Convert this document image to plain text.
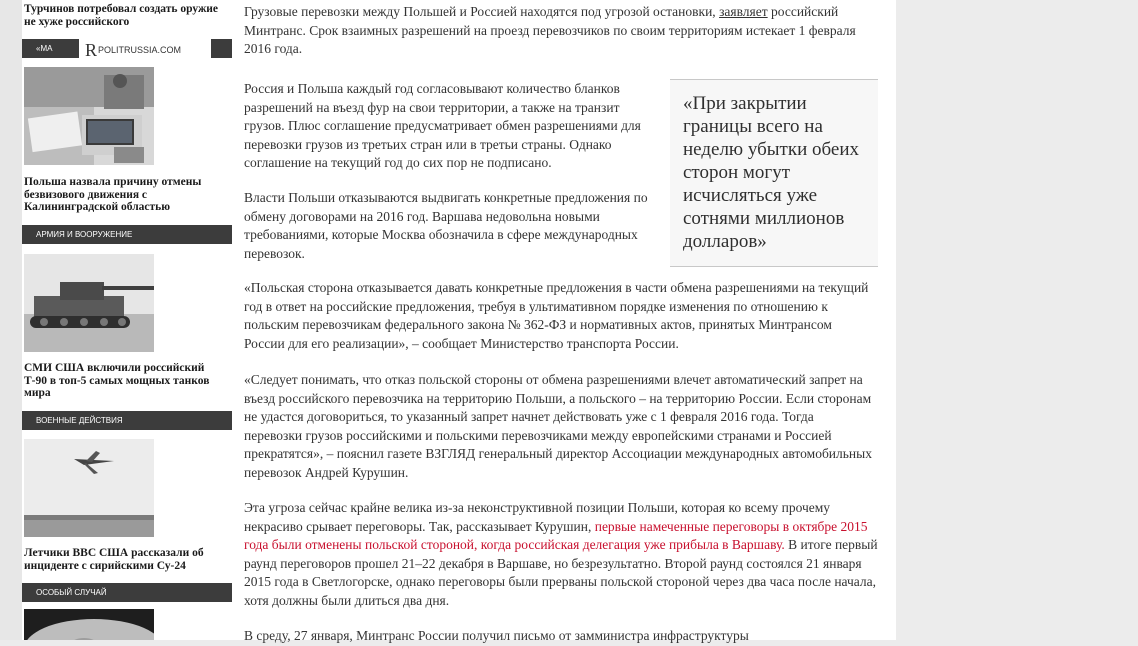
Турчинов потребовал создать оружие не хуже российского
«МА	R POLITRUSSIA.COM
Польша назвала причину отмены безвизового движения с Калининградской областью
АРМИЯ И ВООРУЖЕНИЕ
СМИ США включили российский Т-90 в топ-5 самых мощных танков мира
ВОЕННЫЕ ДЕЙСТВИЯ
Летчики ВВС США рассказали об инциденте с сирийскими Су-24
ОСОБЫЙ СЛУЧАЙ

Грузовые перевозки между Польшей и Россией находятся под угрозой остановки, заявляет российский Минтранс. Срок взаимных разрешений на проезд перевозчиков по своим территориям истекает 1 февраля 2016 года.

Россия и Польша каждый год согласовывают количество бланков разрешений на въезд фур на свои территории, а также на транзит грузов. Плюс соглашение предусматривает обмен разрешениями для перевозки грузов из третьих стран или в третьи страны. Однако соглашение на текущий год до сих пор не подписано.

Власти Польши отказываются выдвигать конкретные предложения по обмену договорами на 2016 год. Варшава недовольна новыми требованиями, которые Москва обозначила в сфере международных перевозок.

«При закрытии границы всего на неделю убытки обеих сторон могут исчисляться уже сотнями миллионов долларов»

«Польская сторона отказывается давать конкретные предложения в части обмена разрешениями на текущий год в ответ на российские предложения, требуя в ультимативном порядке изменения по отношению к польским перевозчикам федерального закона № 362-ФЗ и нормативных актов, принятых Минтрансом России для его реализации», – сообщает Министерство транспорта России.

«Следует понимать, что отказ польской стороны от обмена разрешениями влечет автоматический запрет на въезд российского перевозчика на территорию Польши, а польского – на территорию России. Если сторонам не удастся договориться, то указанный запрет начнет действовать уже с 1 февраля 2016 года. Тогда перевозки грузов российскими и польскими перевозчиками между европейскими странами и Россией прекратятся», – пояснил газете ВЗГЛЯД генеральный директор Ассоциации международных автомобильных перевозок Андрей Курушин.

Эта угроза сейчас крайне велика из-за неконструктивной позиции Польши, которая ко всему прочему некрасиво срывает переговоры. Так, рассказывает Курушин, первые намеченные переговоры в октябре 2015 года были отменены польской стороной, когда российская делегация уже прибыла в Варшаву. В итоге первый раунд переговоров прошел 21–22 декабря в Варшаве, но безрезультатно. Второй раунд состоялся 21 января 2015 года в Светлогорске, однако переговоры были прерваны польской стороной через два часа после начала, хотя должны были длиться два дня.

В среду, 27 января, Минтранс России получил письмо от замминистра инфраструктуры
